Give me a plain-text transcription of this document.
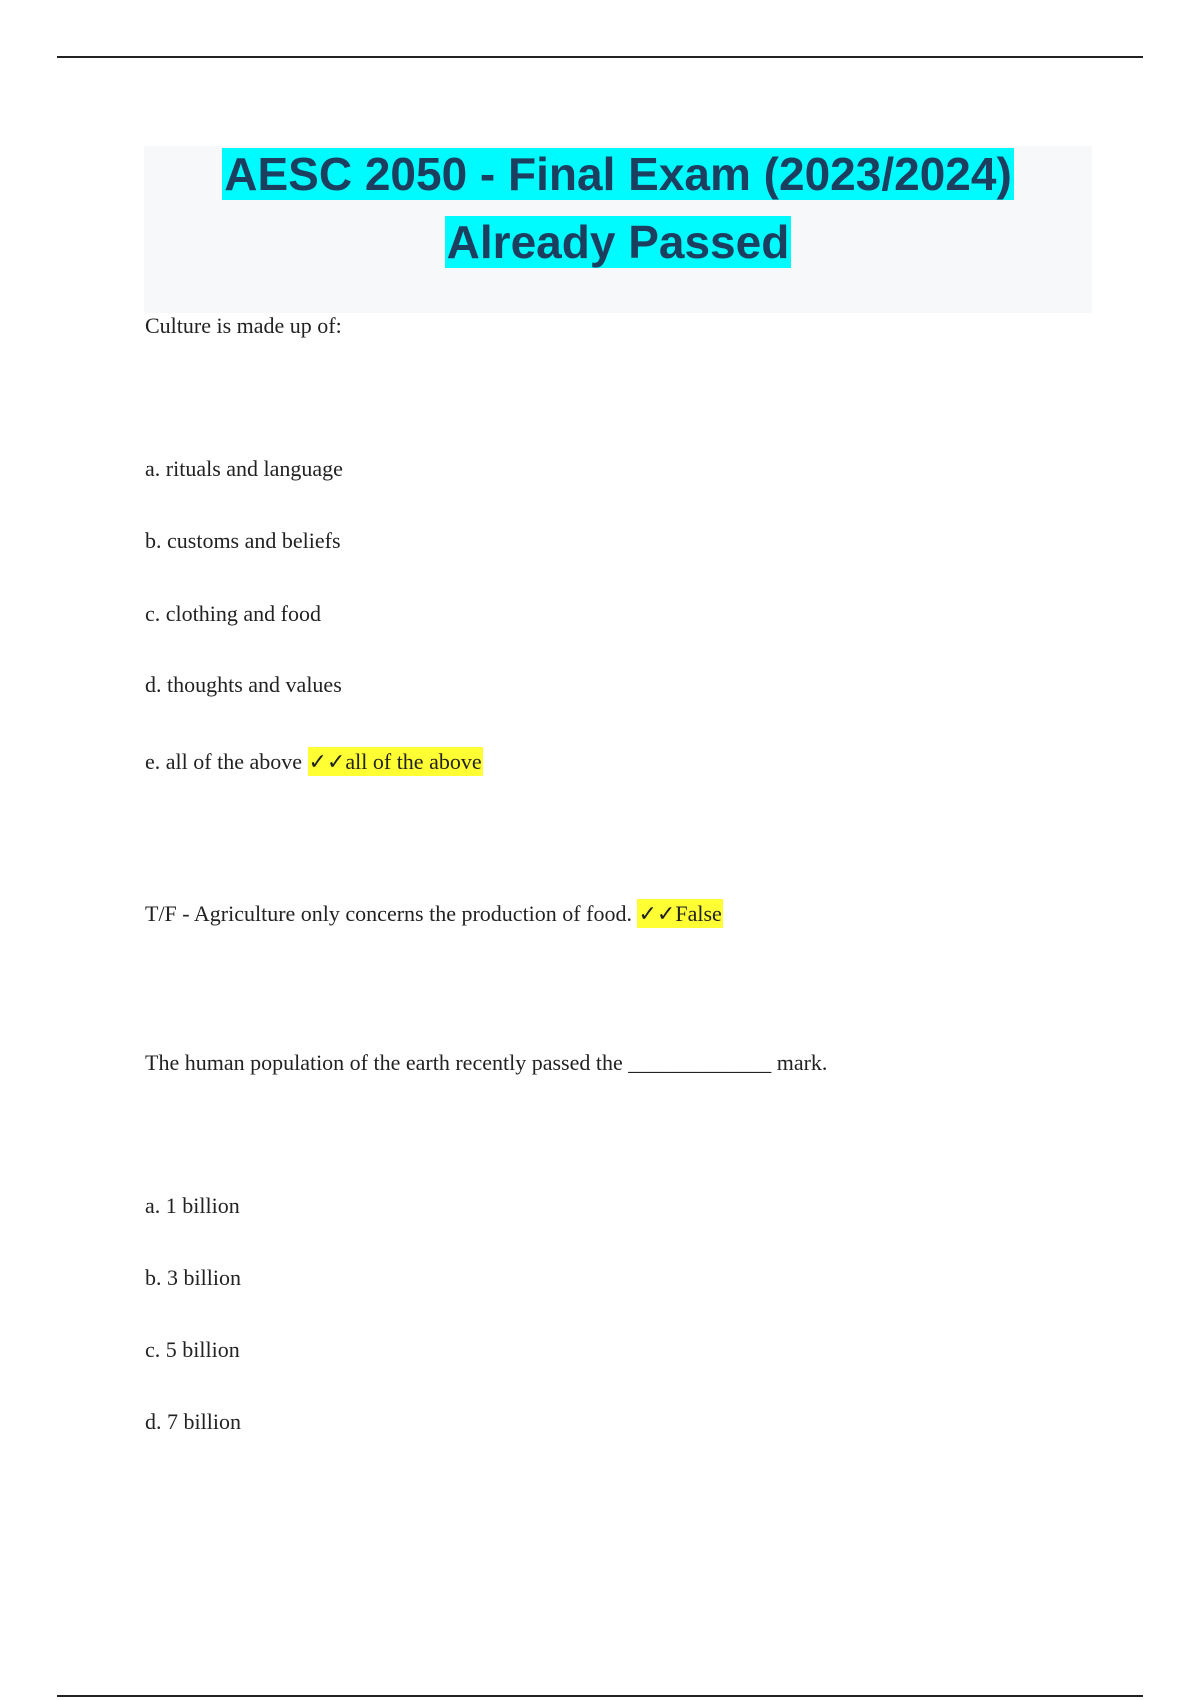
AESC 2050 - Final Exam (2023/2024)
Already Passed
Culture is made up of:
a. rituals and language
b. customs and beliefs
c. clothing and food
d. thoughts and values
e. all of the above ✓✓all of the above
T/F - Agriculture only concerns the production of food. ✓✓False
The human population of the earth recently passed the _____________ mark.
a. 1 billion
b. 3 billion
c. 5 billion
d. 7 billion
